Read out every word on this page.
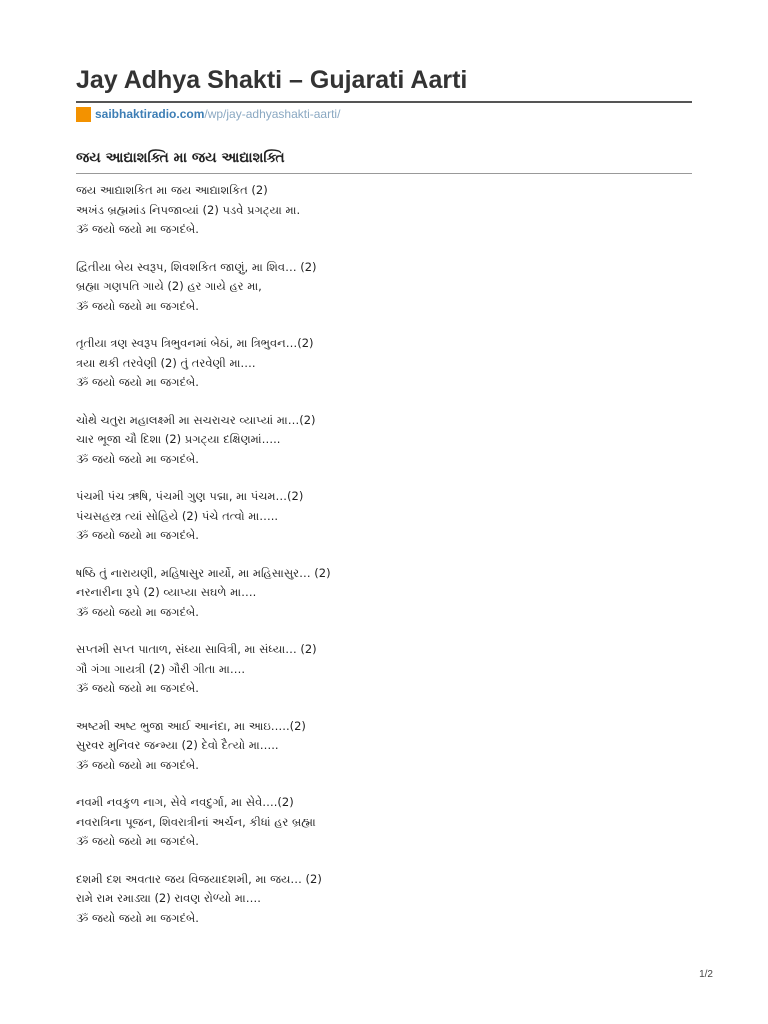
Jay Adhya Shakti – Gujarati Aarti
saibhaktiradio.com/wp/jay-adhyashakti-aarti/
જય આદ્યાશક્તિ મા જય આદ્યાશક્તિ
જય આદ્યાશકિત મા જય આદ્યાશકિત (2)
અખંડ બ્રહ્મમાંડ નિપજાવ્યાં (2) પડવે પ્રગટ્યા મા.
ૐ જયો જયો મા જગદંબે.
દ્વિતીયા બેય સ્વરૂપ, શિવશકિત જાણું, મા શિવ… (2)
બ્રહ્મા ગણપતિ ગાયે (2) હર ગાયે હર મા,
ૐ જયો જયો મા જગદંબે.
તૃતીયા ત્રણ સ્વરૂપ ત્રિભુવનમાં બેઠાં, મા ત્રિભુવન…(2)
ત્રયા થકી તરવેણી (2) તું તરવેણી મા….
ૐ જયો જયો મા જગદંબે.
ચોથે ચતુરા મહાલક્ષ્મી મા સચરાચર વ્યાપ્યાં મા…(2)
ચાર ભૂજા ચૌ દિશા (2) પ્રગટ્યા દક્ષિણમાં…..
ૐ જયો જયો મા જગદંબે.
પંચમી પંચ ઋષિ, પંચમી ગુણ પદ્મા, મા પંચમ…(2)
પંચસહસ્ત્ર ત્યાં સોહિયે (2) પંચે તત્વો મા…..
ૐ જયો જયો મા જગદંબે.
ષષ્ઠિ તું નારાયણી, મહિષાસુર માર્યો, મા મહિસાસુર… (2)
નરનારીના રૂપે (2) વ્યાપ્યા સઘળે મા….
ૐ જયો જયો મા જગદંબે.
સપ્તમી સપ્ત પાતાળ, સંધ્યા સાવિત્રી, મા સંધ્યા… (2)
ગૌ ગંગા ગાયત્રી (2) ગૌરી ગીતા મા….
ૐ જયો જયો મા જગદંબે.
અષ્ટમી અષ્ટ ભુજા આઈ આનંદા, મા આઇ…..(2)
સુરવર મુનિવર જન્મ્યા (2) દેવો દૈત્યો મા…..
ૐ જયો જયો મા જગદંબે.
નવમી નવકુળ નાગ, સેવે નવદુર્ગા, મા સેવે….(2)
નવરાત્રિના પૂજન, શિવરાત્રીનાં અર્ચન, કીધાં હર બ્રહ્મા
ૐ જયો જયો મા જગદંબે.
દશમી દશ અવતાર જય વિજયાદશમી, મા જય… (2)
રામે રામ રમાડ્યા (2) રાવણ રોળ્યો મા….
ૐ જયો જયો મા જગદંબે.
1/2
